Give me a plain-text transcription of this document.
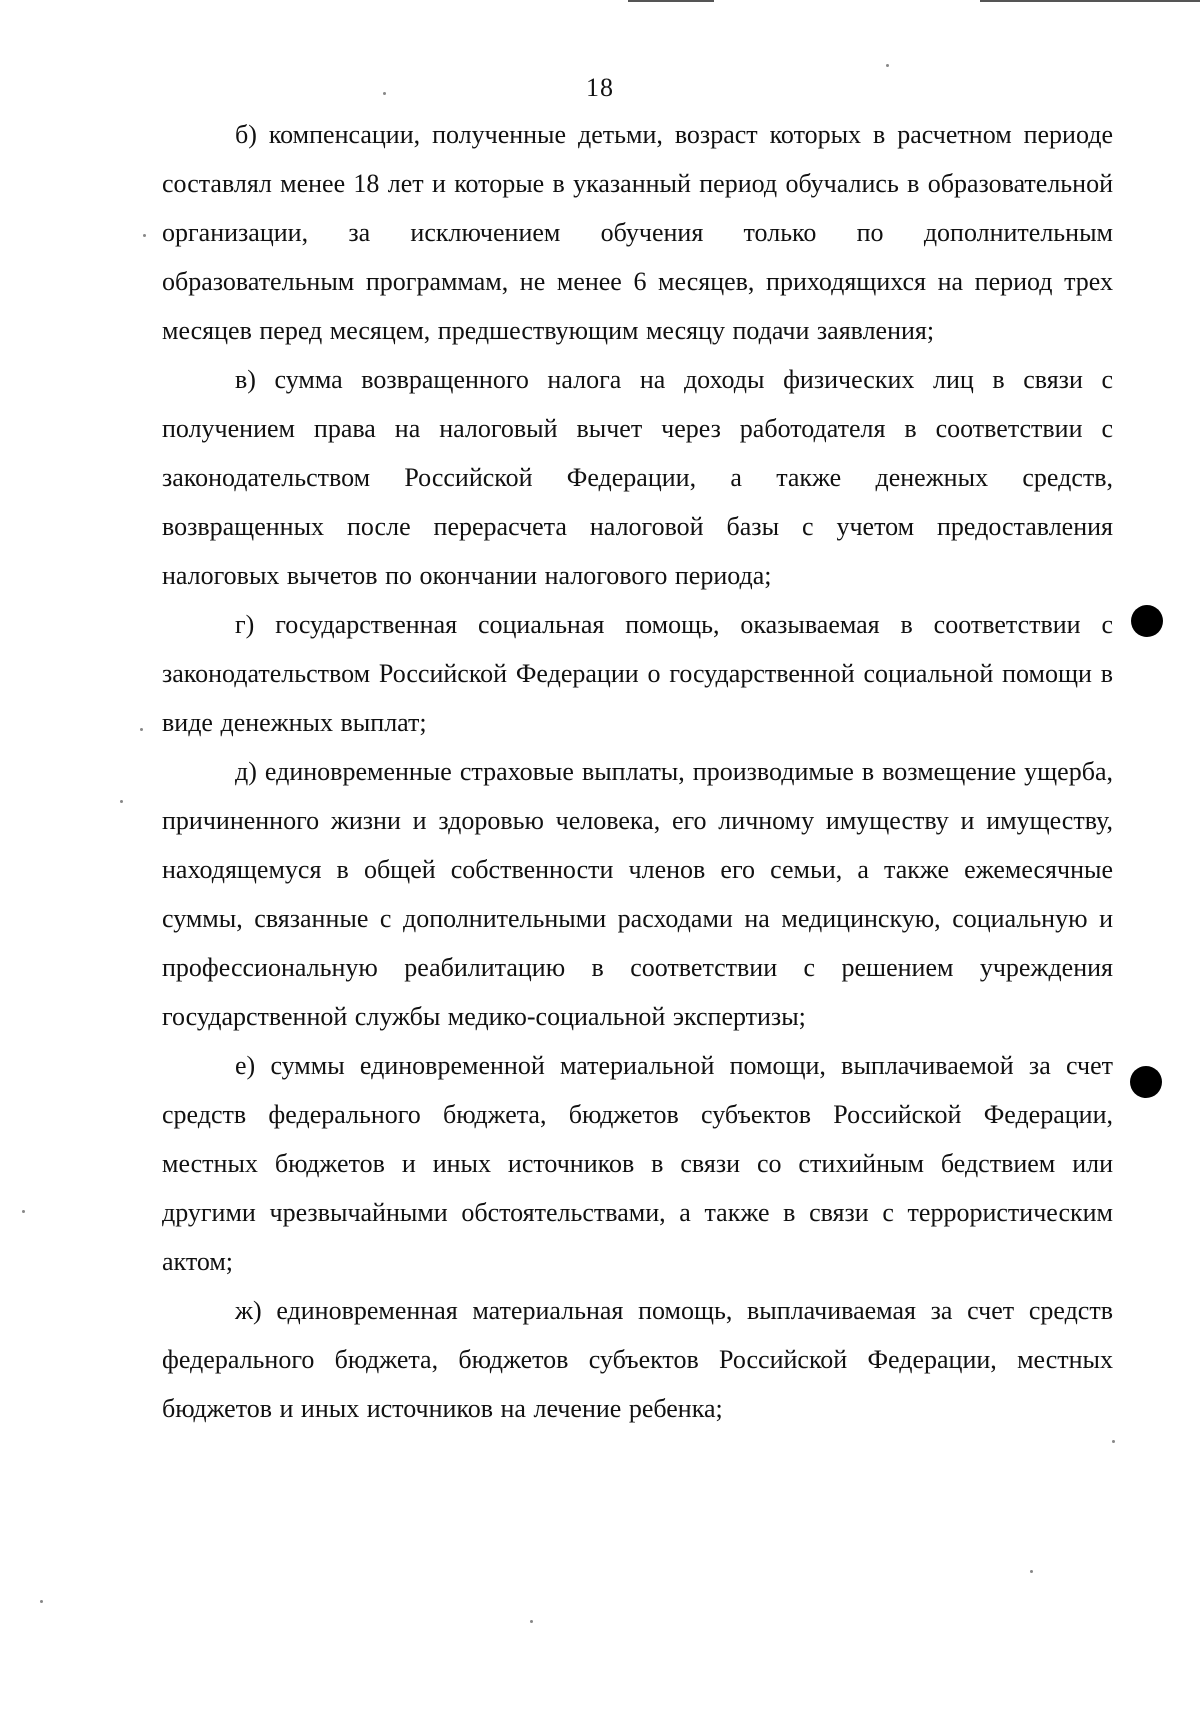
18

б) компенсации, полученные детьми, возраст которых в расчетном периоде составлял менее 18 лет и которые в указанный период обучались в образовательной организации, за исключением обучения только по дополнительным образовательным программам, не менее 6 месяцев, приходящихся на период трех месяцев перед месяцем, предшествующим месяцу подачи заявления;

в) сумма возвращенного налога на доходы физических лиц в связи с получением права на налоговый вычет через работодателя в соответствии с законодательством Российской Федерации, а также денежных средств, возвращенных после перерасчета налоговой базы с учетом предоставления налоговых вычетов по окончании налогового периода;

г) государственная социальная помощь, оказываемая в соответствии с законодательством Российской Федерации о государственной социальной помощи в виде денежных выплат;

д) единовременные страховые выплаты, производимые в возмещение ущерба, причиненного жизни и здоровью человека, его личному имуществу и имуществу, находящемуся в общей собственности членов его семьи, а также ежемесячные суммы, связанные с дополнительными расходами на медицинскую, социальную и профессиональную реабилитацию в соответствии с решением учреждения государственной службы медико-социальной экспертизы;

е) суммы единовременной материальной помощи, выплачиваемой за счет средств федерального бюджета, бюджетов субъектов Российской Федерации, местных бюджетов и иных источников в связи со стихийным бедствием или другими чрезвычайными обстоятельствами, а также в связи с террористическим актом;

ж) единовременная материальная помощь, выплачиваемая за счет средств федерального бюджета, бюджетов субъектов Российской Федерации, местных бюджетов и иных источников на лечение ребенка;
